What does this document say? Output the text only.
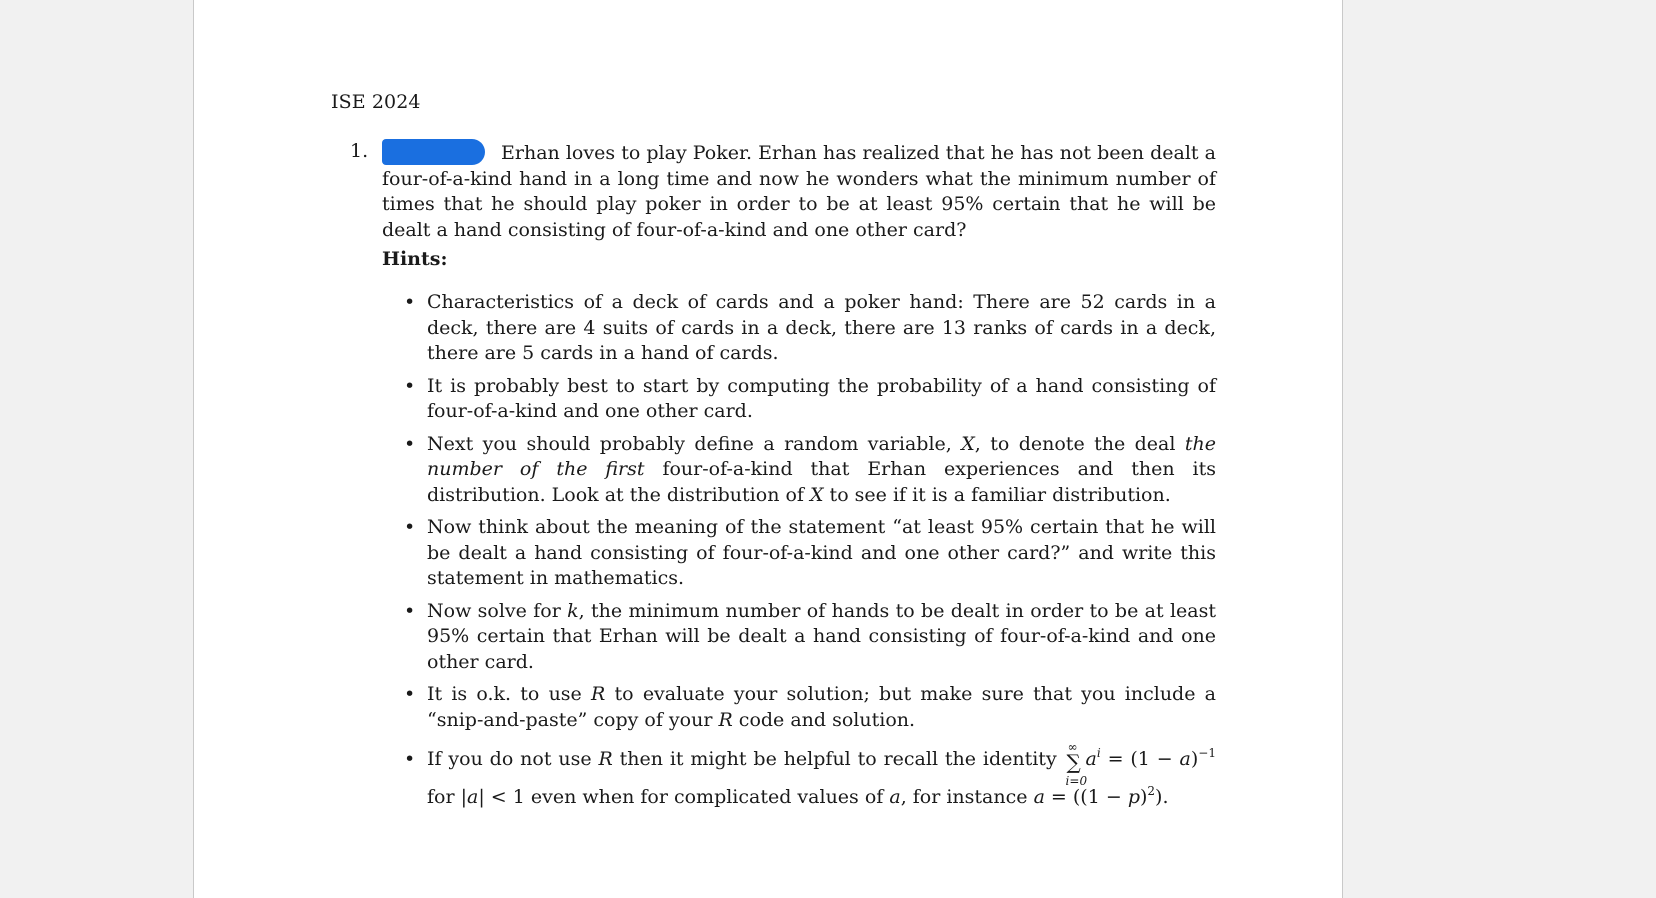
ISE 2024
1.	Erhan loves to play Poker. Erhan has realized that he has not been dealt a four-of-a-kind hand in a long time and now he wonders what the minimum number of times that he should play poker in order to be at least 95% certain that he will be dealt a hand consisting of four-of-a-kind and one other card?
Hints:
• Characteristics of a deck of cards and a poker hand: There are 52 cards in a deck, there are 4 suits of cards in a deck, there are 13 ranks of cards in a deck, there are 5 cards in a hand of cards.
• It is probably best to start by computing the probability of a hand consisting of four-of-a-kind and one other card.
• Next you should probably define a random variable, X, to denote the deal the number of the first four-of-a-kind that Erhan experiences and then its distribution. Look at the distribution of X to see if it is a familiar distribution.
• Now think about the meaning of the statement “at least 95% certain that he will be dealt a hand consisting of four-of-a-kind and one other card?” and write this statement in mathematics.
• Now solve for k, the minimum number of hands to be dealt in order to be at least 95% certain that Erhan will be dealt a hand consisting of four-of-a-kind and one other card.
• It is o.k. to use R to evaluate your solution; but make sure that you include a “snip-and-paste” copy of your R code and solution.
• If you do not use R then it might be helpful to recall the identity
∞
∑
i=0
$a^i = (1 - a)^{-1}$ for |a| < 1 even when for complicated values of a, for instance $a = ((1 - p)^2)$.
